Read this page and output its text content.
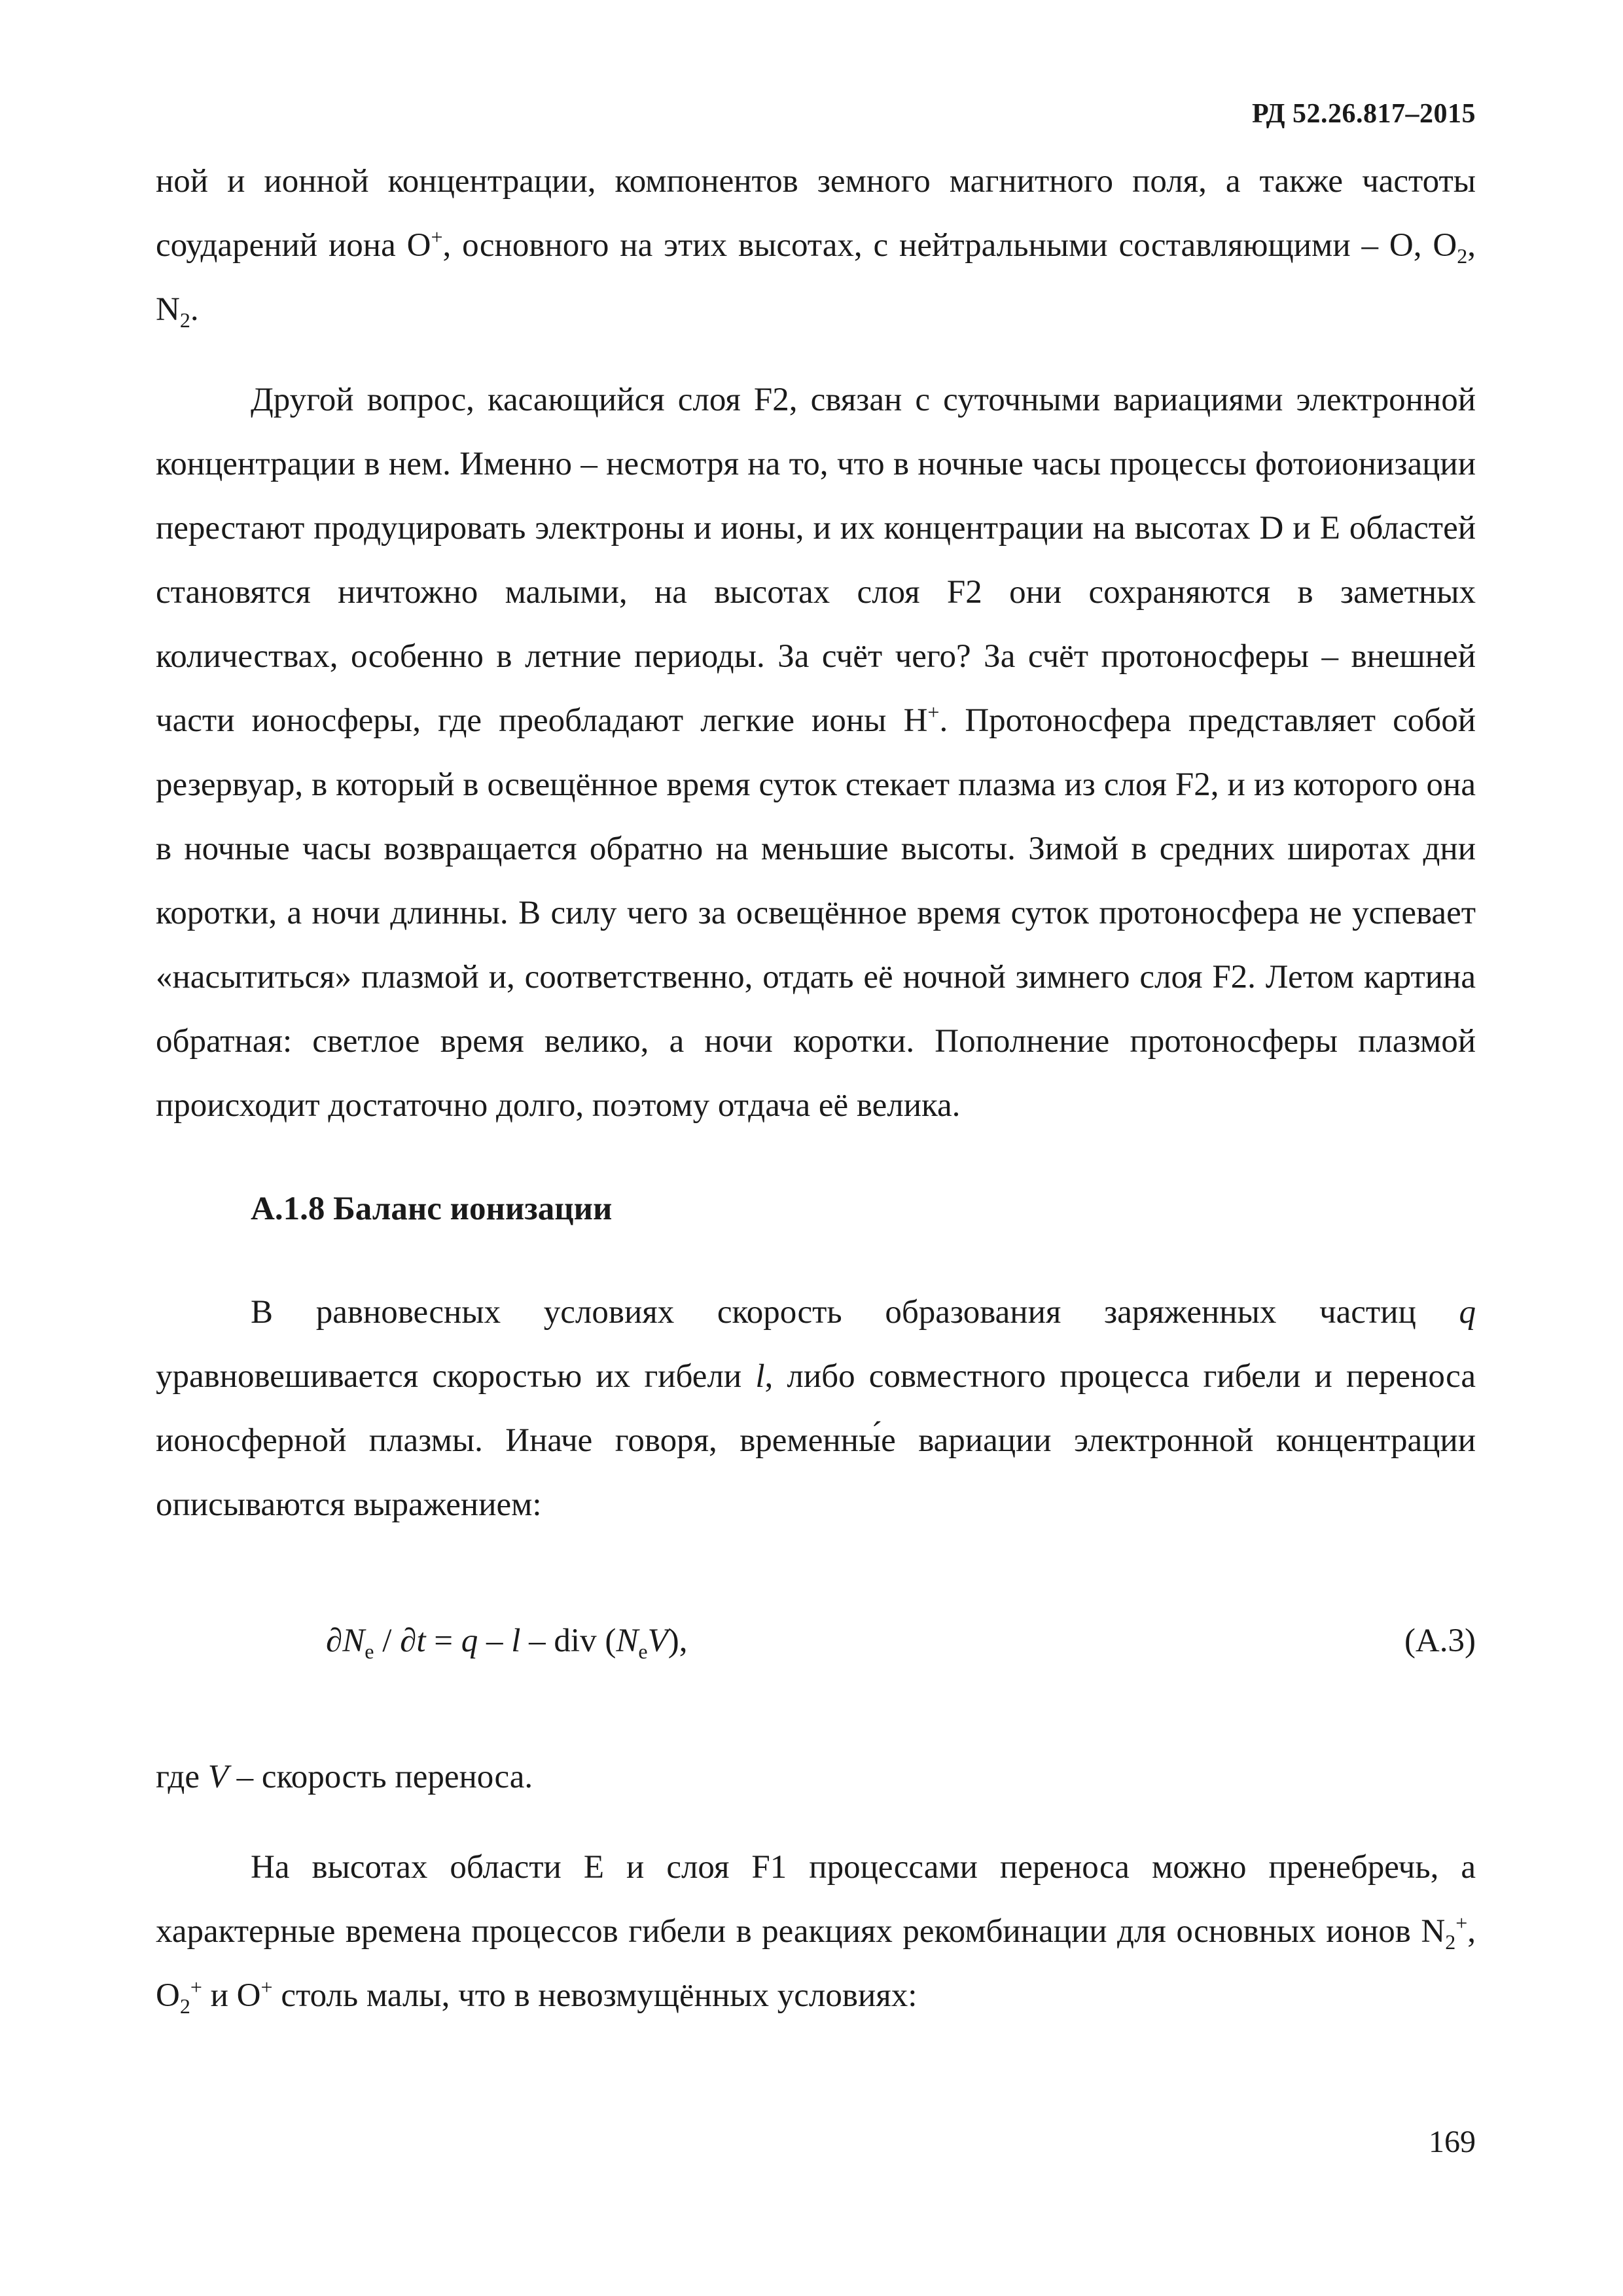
РД 52.26.817–2015

ной и ионной концентрации, компонентов земного магнитного поля, а также частоты соударений иона O+, основного на этих высотах, с нейтральными составляющими – O, $O_2$, $N_2$.

Другой вопрос, касающийся слоя F2, связан с суточными вариациями электронной концентрации в нем. Именно – несмотря на то, что в ночные часы процессы фотоионизации перестают продуцировать электроны и ионы, и их концентрации на высотах D и E областей становятся ничтожно малыми, на высотах слоя F2 они сохраняются в заметных количествах, особенно в летние периоды. За счёт чего? За счёт протоносферы – внешней части ионосферы, где преобладают легкие ионы H+. Протоносфера представляет собой резервуар, в который в освещённое время суток стекает плазма из слоя F2, и из которого она в ночные часы возвращается обратно на меньшие высоты. Зимой в средних широтах дни коротки, а ночи длинны. В силу чего за освещённое время суток протоносфера не успевает «насытиться» плазмой и, соответственно, отдать её ночной зимнего слоя F2. Летом картина обратная: светлое время велико, а ночи коротки. Пополнение протоносферы плазмой происходит достаточно долго, поэтому отдача её велика.

А.1.8 Баланс ионизации

В равновесных условиях скорость образования заряженных частиц q уравновешивается скоростью их гибели l, либо совместного процесса гибели и переноса ионосферной плазмы. Иначе говоря, временны́е вариации электронной концентрации описываются выражением:

$\partial N_e / \partial t = q - l$ – div $(N_eV)$,	(А.3)

где V – скорость переноса.

На высотах области E и слоя F1 процессами переноса можно пренебречь, а характерные времена процессов гибели в реакциях рекомбинации для основных ионов $N_2^+$, $O_2^+$ и O+ столь малы, что в невозмущённых условиях:

169
